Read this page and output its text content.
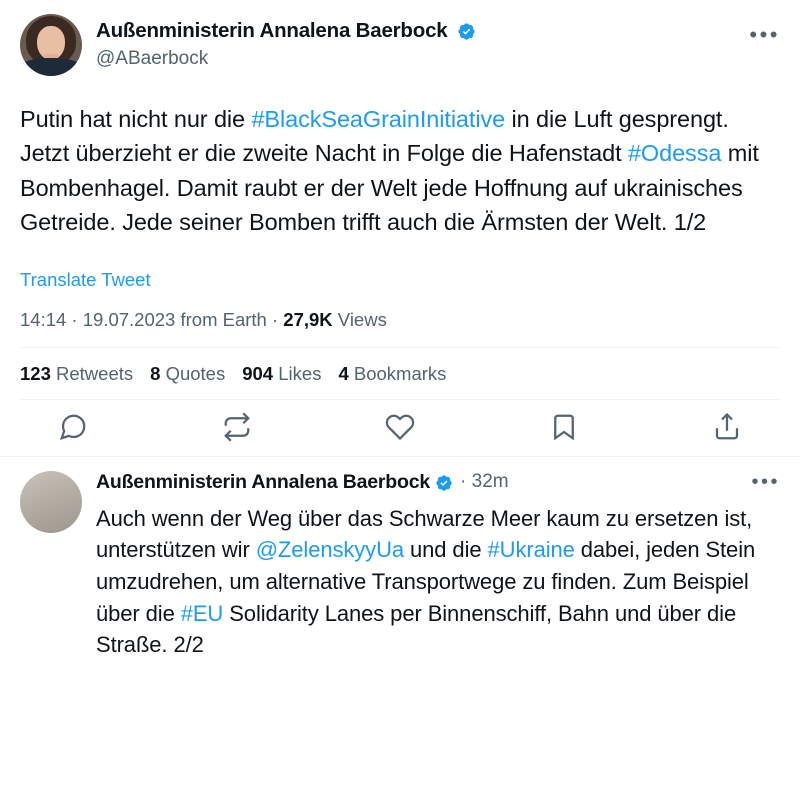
Außenministerin Annalena Baerbock
@ABaerbock
•••
Putin hat nicht nur die #BlackSeaGrainInitiative in die Luft gesprengt. Jetzt überzieht er die zweite Nacht in Folge die Hafenstadt #Odessa mit Bombenhagel. Damit raubt er der Welt jede Hoffnung auf ukrainisches Getreide. Jede seiner Bomben trifft auch die Ärmsten der Welt. 1/2
Translate Tweet
14:14 · 19.07.2023 from Earth · 27,9K Views
123 Retweets 8 Quotes 904 Likes 4 Bookmarks
Außenministerin Annalena Baerbock · 32m	•••
Auch wenn der Weg über das Schwarze Meer kaum zu ersetzen ist, unterstützen wir @ZelenskyyUa und die #Ukraine dabei, jeden Stein umzudrehen, um alternative Transportwege zu finden. Zum Beispiel über die #EU Solidarity Lanes per Binnenschiff, Bahn und über die Straße. 2/2
